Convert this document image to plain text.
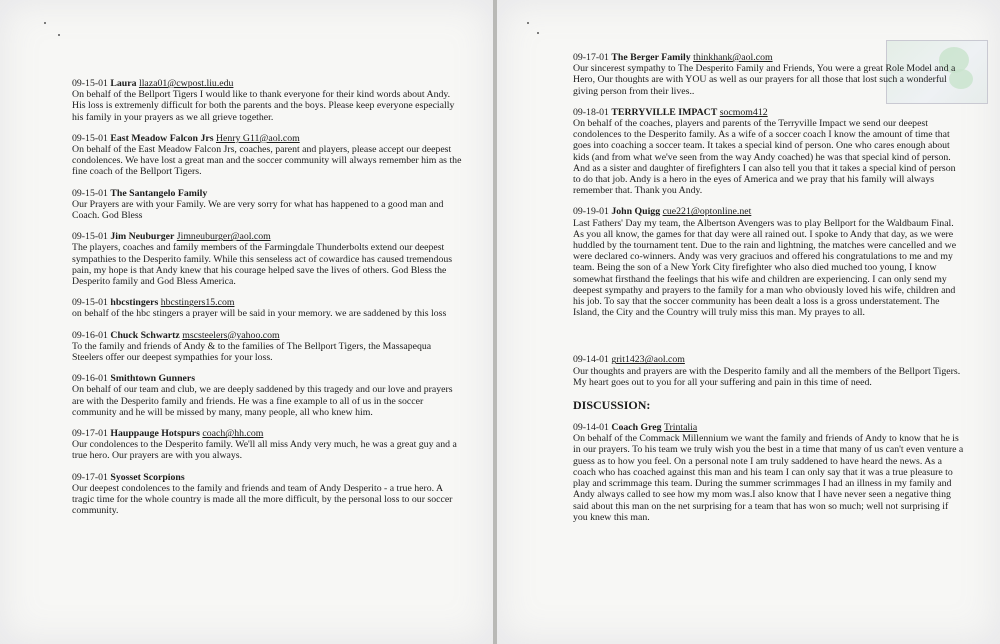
09-15-01 Laura llaza01@cwpost.liu.edu
On behalf of the Bellport Tigers I would like to thank everyone for their kind words about Andy. His loss is extremenly difficult for both the parents and the boys. Please keep everyone especially his family in your prayers as we all grieve together.
09-15-01 East Meadow Falcon Jrs Henry G11@aol.com
On behalf of the East Meadow Falcon Jrs, coaches, parent and players, please accept our deepest condolences. We have lost a great man and the soccer community will always remember him as the fine coach of the Bellport Tigers.
09-15-01 The Santangelo Family
Our Prayers are with your Family. We are very sorry for what has happened to a good man and Coach. God Bless
09-15-01 Jim Neuburger Jimneuburger@aol.com
The players, coaches and family members of the Farmingdale Thunderbolts extend our deepest sympathies to the Desperito family. While this senseless act of cowardice has caused tremendous pain, my hope is that Andy knew that his courage helped save the lives of others. God Bless the Desperito family and God Bless America.
09-15-01 hbcstingers hbcstingers15.com
on behalf of the hbc stingers a prayer will be said in your memory. we are saddened by this loss
09-16-01 Chuck Schwartz mscsteelers@yahoo.com
To the family and friends of Andy & to the families of The Bellport Tigers, the Massapequa Steelers offer our deepest sympathies for your loss.
09-16-01 Smithtown Gunners
On behalf of our team and club, we are deeply saddened by this tragedy and our love and prayers are with the Desperito family and friends. He was a fine example to all of us in the soccer community and he will be missed by many, many people, all who knew him.
09-17-01 Hauppauge Hotspurs coach@hh.com
Our condolences to the Desperito family. We'll all miss Andy very much, he was a great guy and a true hero. Our prayers are with you always.
09-17-01 Syosset Scorpions
Our deepest condolences to the family and friends and team of Andy Desperito - a true hero. A tragic time for the whole country is made all the more difficult, by the personal loss to our soccer community.
09-17-01 The Berger Family thinkhank@aol.com
Our sincerest sympathy to The Desperito Family and Friends, You were a great Role Model and a Hero, Our thoughts are with YOU as well as our prayers for all those that lost such a wonderful giving person from their lives..
09-18-01 TERRYVILLE IMPACT socmom412
On behalf of the coaches, players and parents of the Terryville Impact we send our deepest condolences to the Desperito family. As a wife of a soccer coach I know the amount of time that goes into coaching a soccer team. It takes a special kind of person. One who cares enough about kids (and from what we've seen from the way Andy coached) he was that special kind of person. And as a sister and daughter of firefighters I can also tell you that it takes a special kind of person to do that job. Andy is a hero in the eyes of America and we pray that his family will always remember that. Thank you Andy.
09-19-01 John Quigg cue221@optonline.net
Last Fathers' Day my team, the Albertson Avengers was to play Bellport for the Waldbaum Final. As you all know, the games for that day were all rained out. I spoke to Andy that day, as we were huddled by the tournament tent. Due to the rain and lightning, the matches were cancelled and we were declared co-winners. Andy was very graciuos and offered his congratulations to me and my team. Being the son of a New York City firefighter who also died muched too young, I know somewhat firsthand the feelings that his wife and children are experiencing. I can only send my deepest sympathy and prayers to the family for a man who obviously loved his wife, children and his job. To say that the soccer community has been dealt a loss is a gross understatement. The Island, the City and the Country will truly miss this man. My prayes to all.
09-14-01 grit1423@aol.com
Our thoughts and prayers are with the Desperito family and all the members of the Bellport Tigers. My heart goes out to you for all your suffering and pain in this time of need.
DISCUSSION:
09-14-01 Coach Greg Trintalia
On behalf of the Commack Millennium we want the family and friends of Andy to know that he is in our prayers. To his team we truly wish you the best in a time that many of us can't even venture a guess as to how you feel. On a personal note I am truly saddened to have heard the news. As a coach who has coached against this man and his team I can only say that it was a true pleasure to play and scrimmage this team. During the summer scrimmages I had an illness in my family and Andy always called to see how my mom was.I also know that I have never seen a negative thing said about this man on the net surprising for a team that has won so much; well not surprising if you knew this man.
